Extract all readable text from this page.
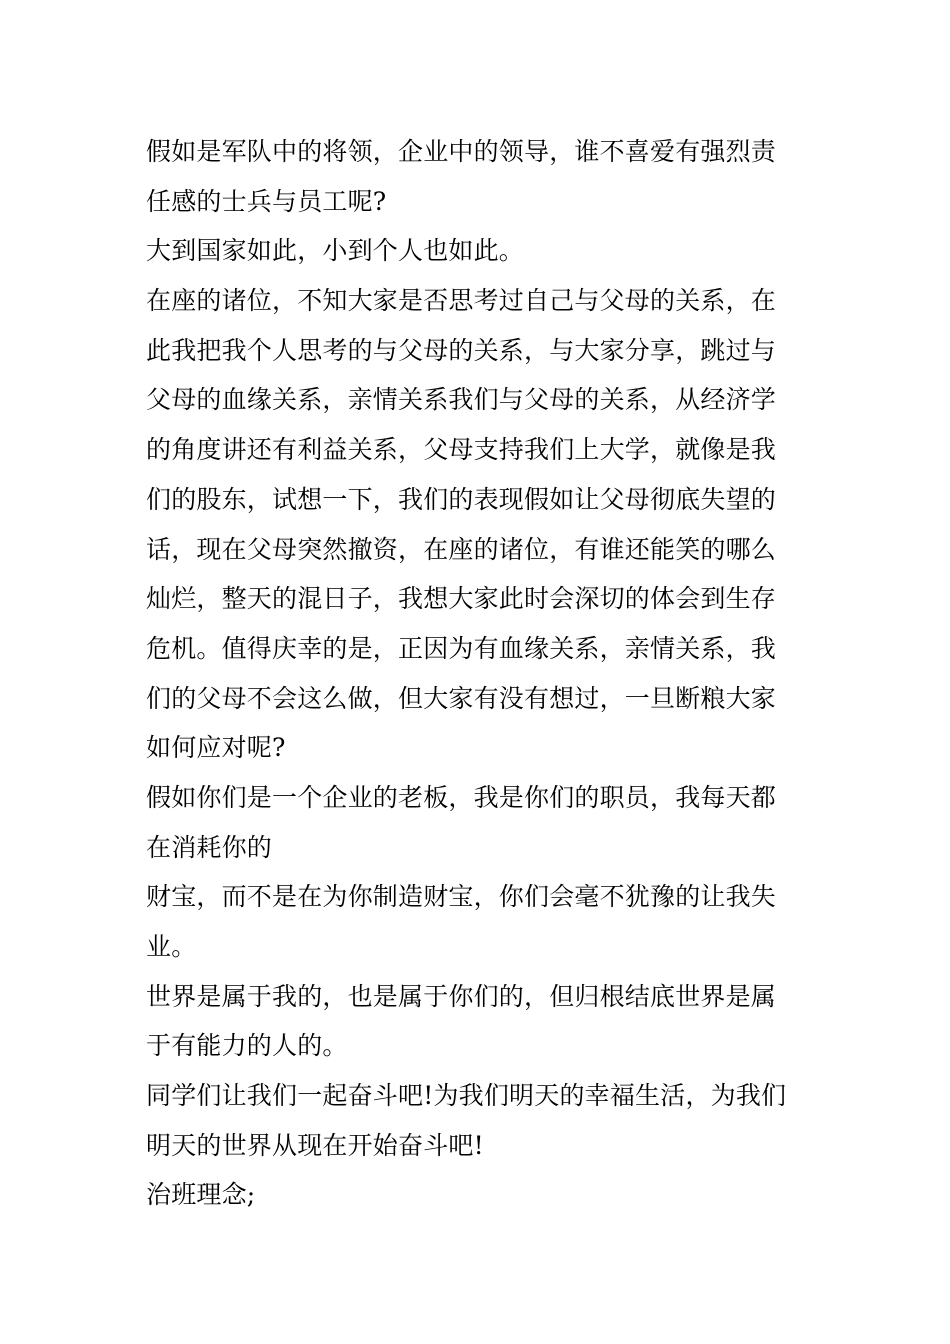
假如是军队中的将领，企业中的领导，谁不喜爱有强烈责
任感的士兵与员工呢?
大到国家如此，小到个人也如此。
在座的诸位，不知大家是否思考过自己与父母的关系，在
此我把我个人思考的与父母的关系，与大家分享，跳过与
父母的血缘关系，亲情关系我们与父母的关系，从经济学
的角度讲还有利益关系，父母支持我们上大学，就像是我
们的股东，试想一下，我们的表现假如让父母彻底失望的
话，现在父母突然撤资，在座的诸位，有谁还能笑的哪么
灿烂，整天的混日子，我想大家此时会深切的体会到生存
危机。值得庆幸的是，正因为有血缘关系，亲情关系，我
们的父母不会这么做，但大家有没有想过，一旦断粮大家
如何应对呢?
假如你们是一个企业的老板，我是你们的职员，我每天都
在消耗你的
财宝，而不是在为你制造财宝，你们会毫不犹豫的让我失
业。
世界是属于我的，也是属于你们的，但归根结底世界是属
于有能力的人的。
同学们让我们一起奋斗吧!为我们明天的幸福生活，为我们
明天的世界从现在开始奋斗吧!
治班理念;
